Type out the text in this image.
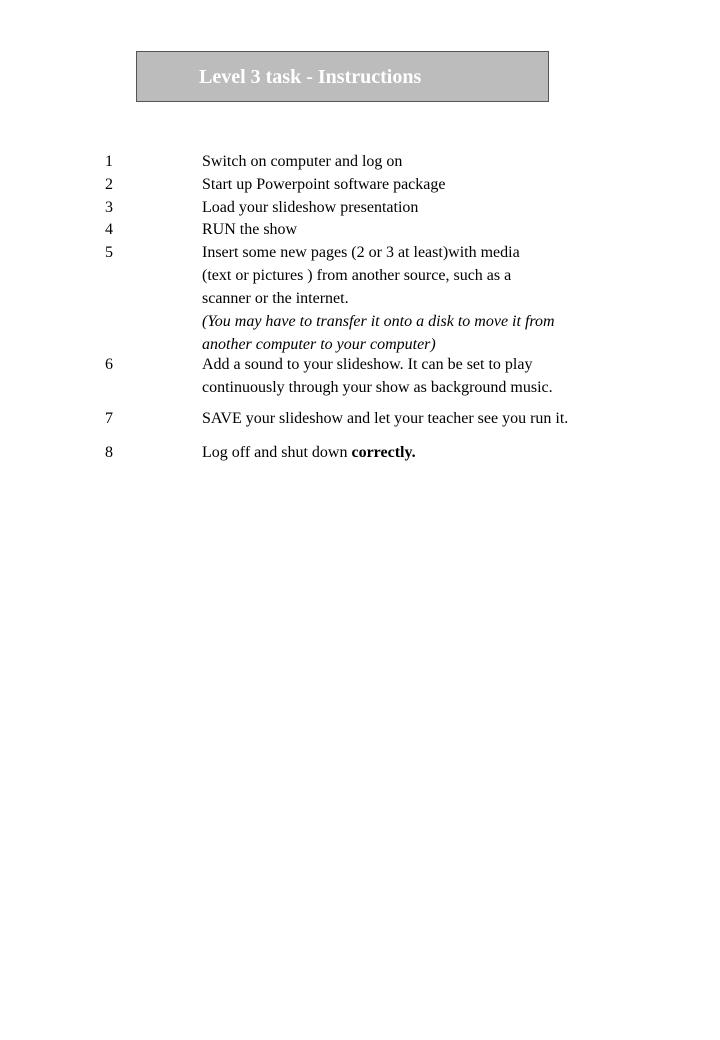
Level 3 task - Instructions
1	Switch on computer and log on
2	Start up Powerpoint software package
3	Load your slideshow presentation
4	RUN the show
5	Insert some new pages (2 or 3 at least)with media
(text or pictures ) from another source, such as a
scanner or the internet.
(You may have to transfer it onto a disk to move it from
another computer to your computer)
6	Add a sound to your slideshow. It can be set to play
continuously through your show as background music.
7	SAVE your slideshow and let your teacher see you run it.
8	Log off and shut down correctly.
